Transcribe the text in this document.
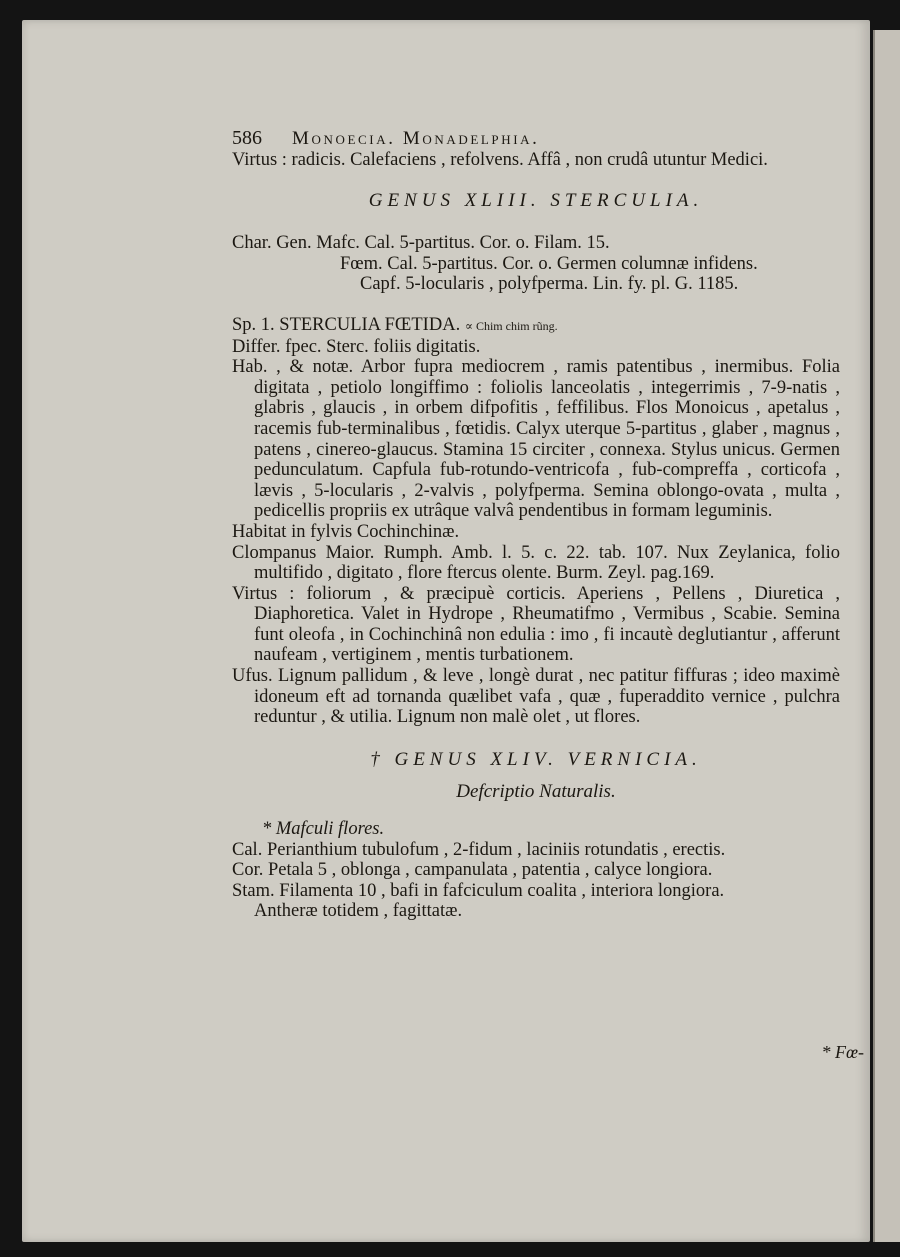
586	Monoecia. Monadelphia.

Virtus : radicis. Calefaciens , refolvens. Affâ , non crudâ utuntur Medici.

GENUS XLIII. STERCULIA.

Char. Gen. Mafc. Cal. 5-partitus. Cor. o. Filam. 15.

Fœm. Cal. 5-partitus. Cor. o. Germen columnæ infidens.

Capf. 5-locularis , polyfperma. Lin. fy. pl. G. 1185.

Sp. 1. STERCULIA FŒTIDA. ∝ Chim chim rũng.

Differ. fpec. Sterc. foliis digitatis.

Hab. , & notæ. Arbor fupra mediocrem , ramis patentibus , inermibus. Folia digitata , petiolo longiffimo : foliolis lanceolatis , integerrimis , 7-9-natis , glabris , glaucis , in orbem difpofitis , feffilibus. Flos Monoicus , apetalus , racemis fub-terminalibus , fœtidis. Calyx uterque 5-partitus , glaber , magnus , patens , cinereo-glaucus. Stamina 15 circiter , connexa. Stylus unicus. Germen pedunculatum. Capfula fub-rotundo-ventricofa , fub-compreffa , corticofa , lævis , 5-locularis , 2-valvis , polyfperma. Semina oblongo-ovata , multa , pedicellis propriis ex utrâque valvâ pendentibus in formam leguminis.

Habitat in fylvis Cochinchinæ.

Clompanus Maior. Rumph. Amb. l. 5. c. 22. tab. 107. Nux Zeylanica, folio multifido , digitato , flore ftercus olente. Burm. Zeyl. pag.169.

Virtus : foliorum , & præcipuè corticis. Aperiens , Pellens , Diuretica , Diaphoretica. Valet in Hydrope , Rheumatifmo , Vermibus , Scabie. Semina funt oleofa , in Cochinchinâ non edulia : imo , fi incautè deglutiantur , afferunt naufeam , vertiginem , mentis turbationem.

Ufus. Lignum pallidum , & leve , longè durat , nec patitur fiffuras ; ideo maximè idoneum eft ad tornanda quælibet vafa , quæ , fuperaddito vernice , pulchra reduntur , & utilia. Lignum non malè olet , ut flores.

† GENUS XLIV. VERNICIA.
Defcriptio Naturalis.

* Mafculi flores.

Cal. Perianthium tubulofum , 2-fidum , laciniis rotundatis , erectis.

Cor. Petala 5 , oblonga , campanulata , patentia , calyce longiora.

Stam. Filamenta 10 , bafi in fafciculum coalita , interiora longiora.

Antheræ totidem , fagittatæ.

* Fœ-
